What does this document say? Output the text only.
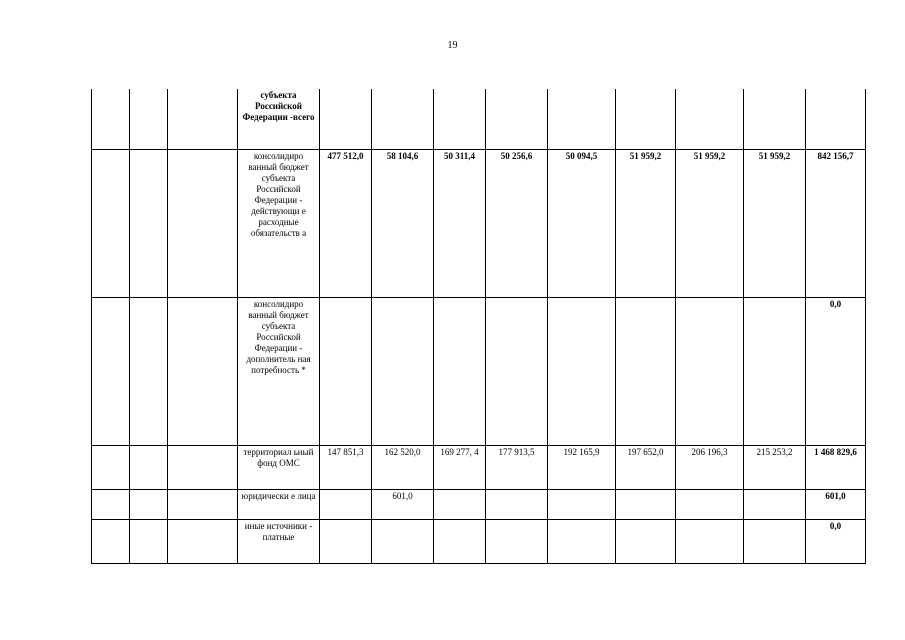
19
			субъекта Российской Федерации -всего									
			консолидиро ванный бюджет субъекта Российской Федерации - действующи е расходные обязательств а	477 512,0	58 104,6	50 311,4	50 256,6	50 094,5	51 959,2	51 959,2	51 959,2	842 156,7
			консолидиро ванный бюджет субъекта Российской Федерации - дополнитель ная потребность *									0,0
			территориал ьный фонд ОМС	147 851,3	162 520,0	169 277, 4	177 913,5	192 165,9	197 652,0	206 196,3	215 253,2	1 468 829,6
			юридически е лица		601,0							601,0
			иные источники - платные									0,0
